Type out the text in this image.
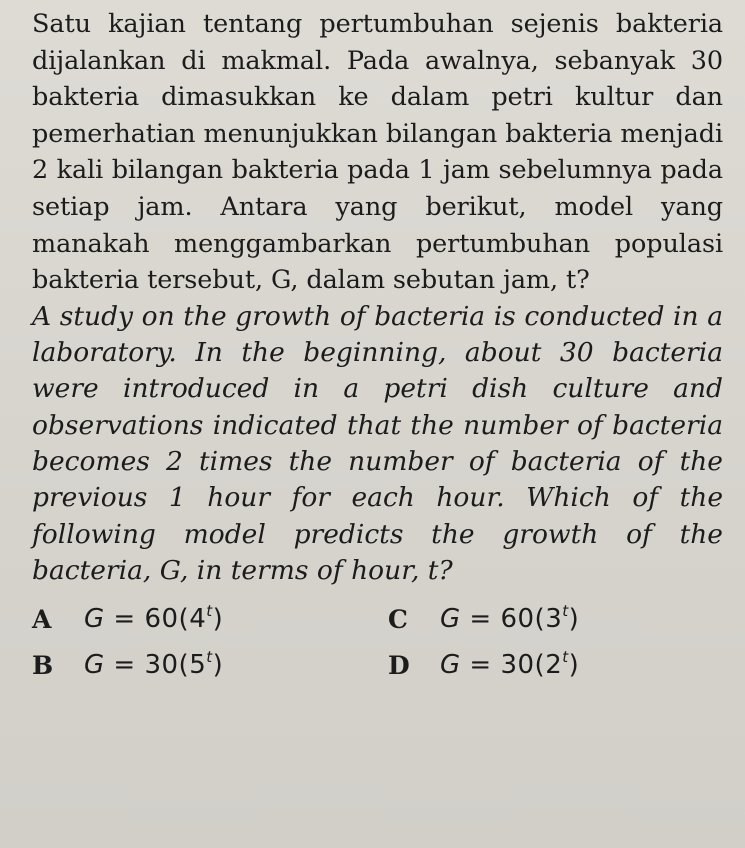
Satu kajian tentang pertumbuhan sejenis bakteria dijalankan di makmal. Pada awalnya, sebanyak 30 bakteria dimasukkan ke dalam petri kultur dan pemerhatian menunjukkan bilangan bakteria menjadi 2 kali bilangan bakteria pada 1 jam sebelumnya pada setiap jam. Antara yang berikut, model yang manakah menggambarkan pertumbuhan populasi bakteria tersebut, G, dalam sebutan jam, t?

A study on the growth of bacteria is conducted in a laboratory. In the beginning, about 30 bacteria were introduced in a petri dish culture and observations indicated that the number of bacteria becomes 2 times the number of bacteria of the previous 1 hour for each hour. Which of the following model predicts the growth of the bacteria, G, in terms of hour, t?

A	$G = 60(4^t)$
B	$G = 30(5^t)$
C	$G = 60(3^t)$
D	$G = 30(2^t)$
